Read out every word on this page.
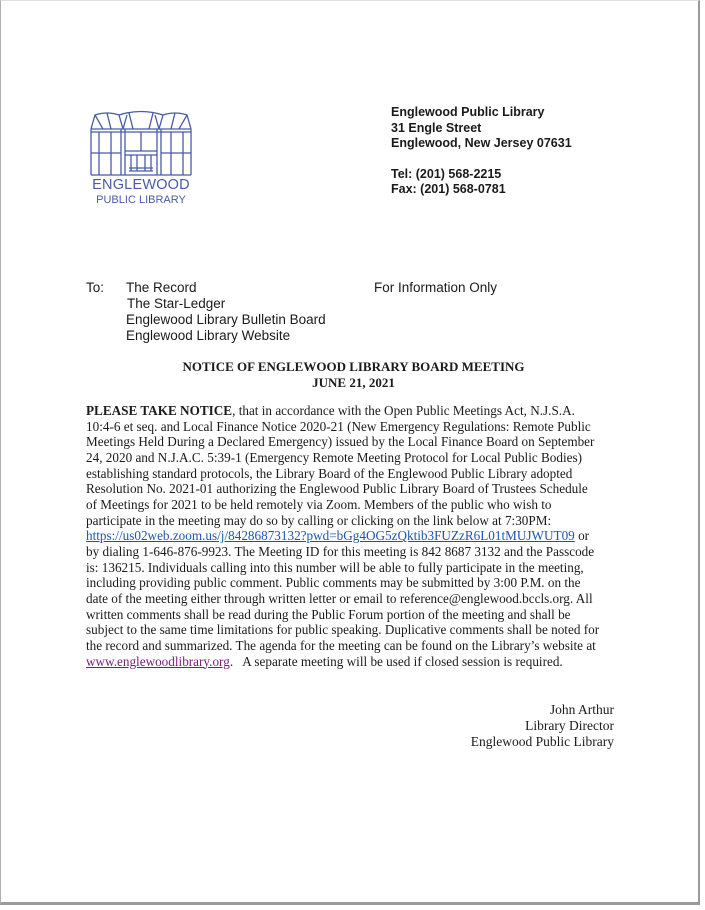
ENGLEWOOD
PUBLIC LIBRARY
Englewood Public Library
31 Engle Street
Englewood, New Jersey 07631
Tel: (201) 568-2215
Fax: (201) 568-0781
To: The Record
The Star-Ledger
Englewood Library Bulletin Board
Englewood Library Website
For Information Only
NOTICE OF ENGLEWOOD LIBRARY BOARD MEETING
JUNE 21, 2021
PLEASE TAKE NOTICE, that in accordance with the Open Public Meetings Act, N.J.S.A.
10:4-6 et seq. and Local Finance Notice 2020-21 (New Emergency Regulations: Remote Public
Meetings Held During a Declared Emergency) issued by the Local Finance Board on September
24, 2020 and N.J.A.C. 5:39-1 (Emergency Remote Meeting Protocol for Local Public Bodies)
establishing standard protocols, the Library Board of the Englewood Public Library adopted
Resolution No. 2021-01 authorizing the Englewood Public Library Board of Trustees Schedule
of Meetings for 2021 to be held remotely via Zoom. Members of the public who wish to
participate in the meeting may do so by calling or clicking on the link below at 7:30PM:
https://us02web.zoom.us/j/84286873132?pwd=bGg4OG5zQktib3FUZzR6L01tMUJWUT09 or
by dialing 1-646-876-9923. The Meeting ID for this meeting is 842 8687 3132 and the Passcode
is: 136215. Individuals calling into this number will be able to fully participate in the meeting,
including providing public comment. Public comments may be submitted by 3:00 P.M. on the
date of the meeting either through written letter or email to reference@englewood.bccls.org. All
written comments shall be read during the Public Forum portion of the meeting and shall be
subject to the same time limitations for public speaking. Duplicative comments shall be noted for
the record and summarized. The agenda for the meeting can be found on the Library’s website at
www.englewoodlibrary.org.   A separate meeting will be used if closed session is required.
John Arthur
Library Director
Englewood Public Library
